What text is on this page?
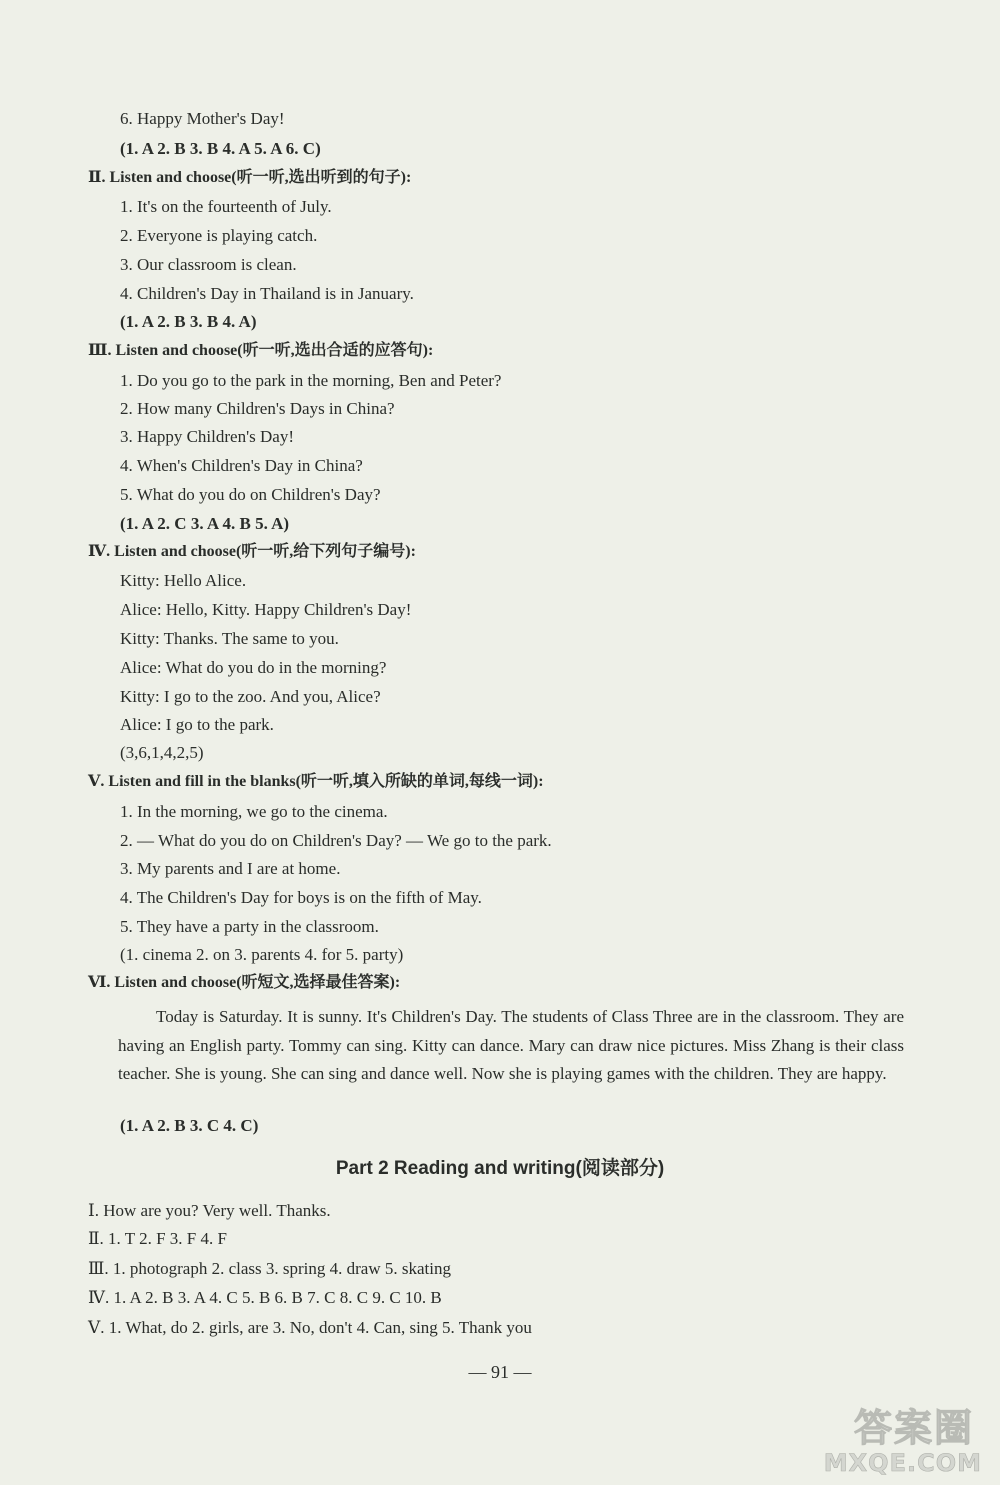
6. Happy Mother's Day!
(1. A 2. B 3. B 4. A 5. A 6. C)
Ⅱ. Listen and choose(听一听,选出听到的句子):
1. It's on the fourteenth of July.
2. Everyone is playing catch.
3. Our classroom is clean.
4. Children's Day in Thailand is in January.
(1. A 2. B 3. B 4. A)
Ⅲ. Listen and choose(听一听,选出合适的应答句):
1. Do you go to the park in the morning, Ben and Peter?
2. How many Children's Days in China?
3. Happy Children's Day!
4. When's Children's Day in China?
5. What do you do on Children's Day?
(1. A 2. C 3. A 4. B 5. A)
Ⅳ. Listen and choose(听一听,给下列句子编号):
Kitty: Hello Alice.
Alice: Hello, Kitty. Happy Children's Day!
Kitty: Thanks. The same to you.
Alice: What do you do in the morning?
Kitty: I go to the zoo. And you, Alice?
Alice: I go to the park.
(3,6,1,4,2,5)
Ⅴ. Listen and fill in the blanks(听一听,填入所缺的单词,每线一词):
1. In the morning, we go to the cinema.
2. — What do you do on Children's Day? — We go to the park.
3. My parents and I are at home.
4. The Children's Day for boys is on the fifth of May.
5. They have a party in the classroom.
(1. cinema 2. on 3. parents 4. for 5. party)
Ⅵ. Listen and choose(听短文,选择最佳答案):
Today is Saturday. It is sunny. It's Children's Day. The students of Class Three are in the classroom. They are having an English party. Tommy can sing. Kitty can dance. Mary can draw nice pictures. Miss Zhang is their class teacher. She is young. She can sing and dance well. Now she is playing games with the children. They are happy.
(1. A 2. B 3. C 4. C)
Part 2 Reading and writing(阅读部分)
Ⅰ. How are you? Very well. Thanks.
Ⅱ. 1. T 2. F 3. F 4. F
Ⅲ. 1. photograph 2. class 3. spring 4. draw 5. skating
Ⅳ. 1. A 2. B 3. A 4. C 5. B 6. B 7. C 8. C 9. C 10. B
Ⅴ. 1. What, do 2. girls, are 3. No, don't 4. Can, sing 5. Thank you
— 91 —
答案圈
MXQE.COM
